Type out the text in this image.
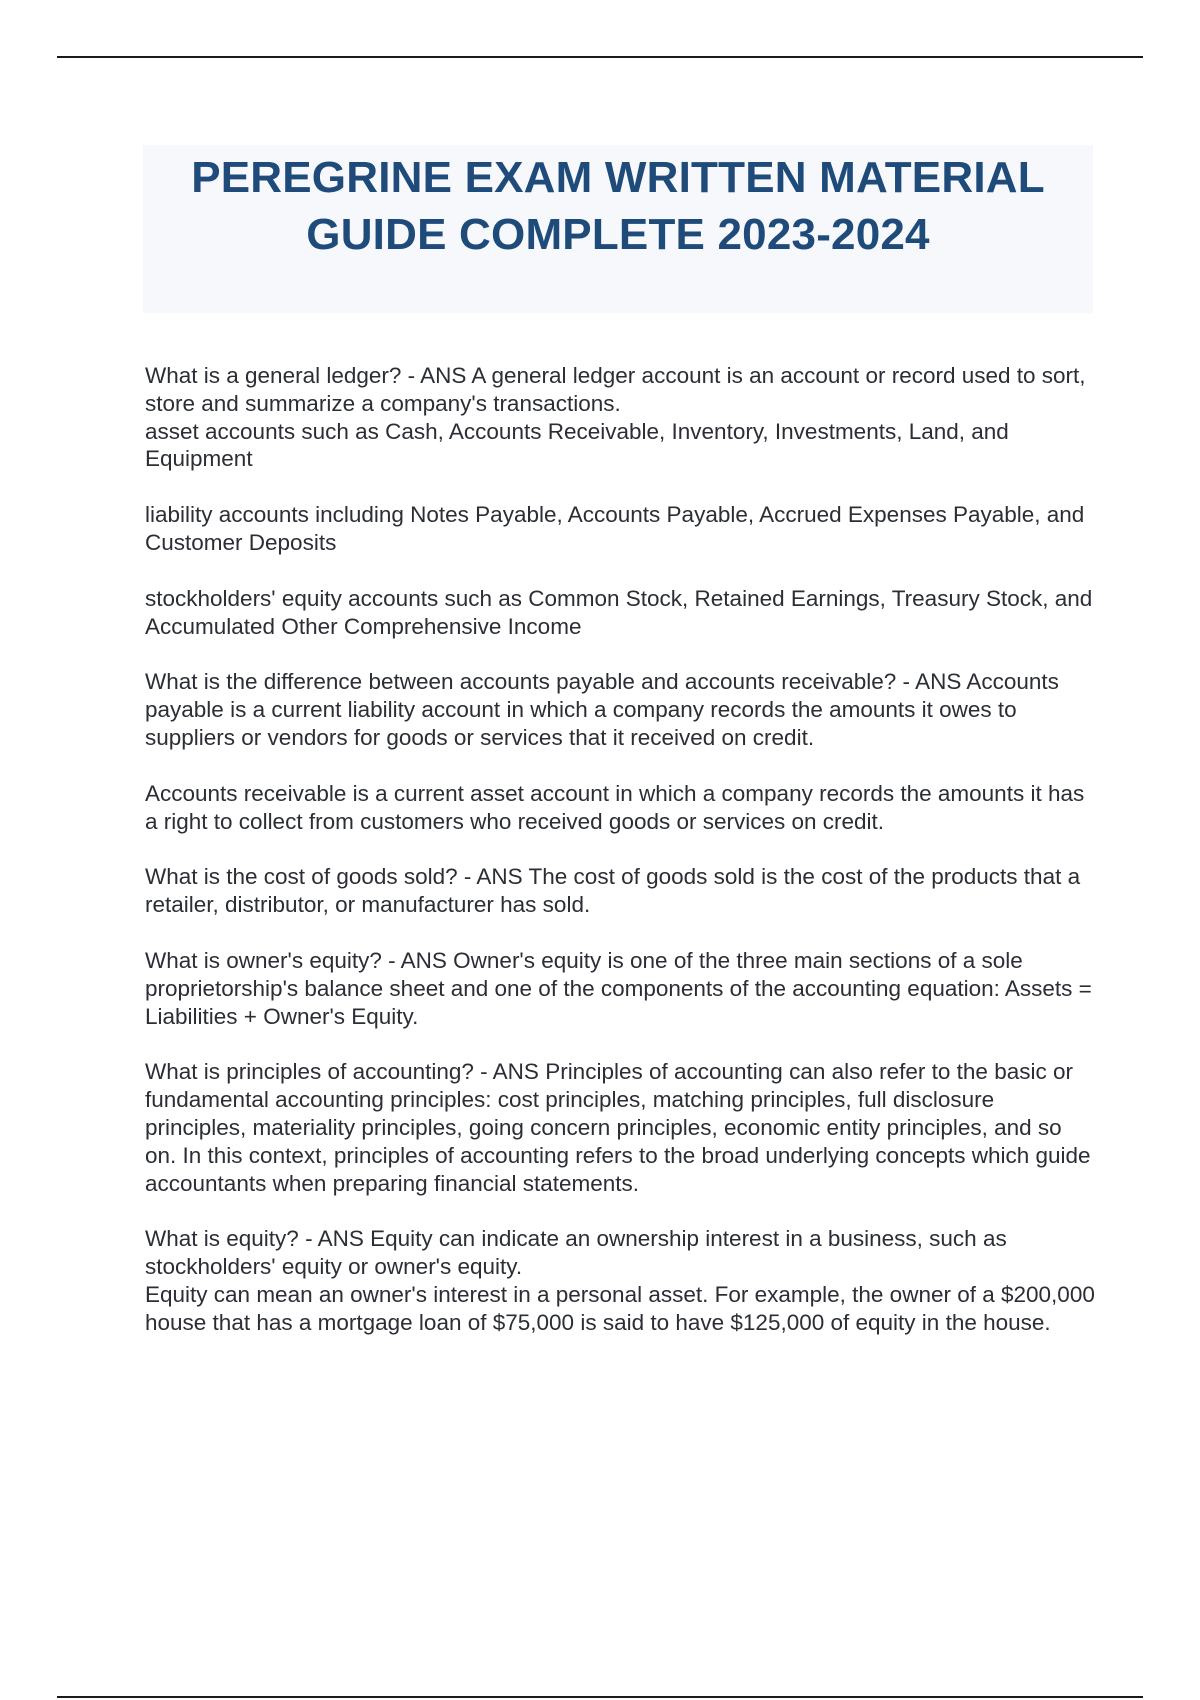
PEREGRINE EXAM WRITTEN MATERIAL
GUIDE COMPLETE 2023-2024

What is a general ledger? - ANS A general ledger account is an account or record used to sort, store and summarize a company's transactions.

asset accounts such as Cash, Accounts Receivable, Inventory, Investments, Land, and Equipment

liability accounts including Notes Payable, Accounts Payable, Accrued Expenses Payable, and Customer Deposits

stockholders' equity accounts such as Common Stock, Retained Earnings, Treasury Stock, and Accumulated Other Comprehensive Income

What is the difference between accounts payable and accounts receivable? - ANS Accounts payable is a current liability account in which a company records the amounts it owes to suppliers or vendors for goods or services that it received on credit.

Accounts receivable is a current asset account in which a company records the amounts it has a right to collect from customers who received goods or services on credit.

What is the cost of goods sold? - ANS The cost of goods sold is the cost of the products that a retailer, distributor, or manufacturer has sold.

What is owner's equity? - ANS Owner's equity is one of the three main sections of a sole proprietorship's balance sheet and one of the components of the accounting equation: Assets = Liabilities + Owner's Equity.

What is principles of accounting? - ANS Principles of accounting can also refer to the basic or fundamental accounting principles: cost principles, matching principles, full disclosure principles, materiality principles, going concern principles, economic entity principles, and so on. In this context, principles of accounting refers to the broad underlying concepts which guide accountants when preparing financial statements.

What is equity? - ANS Equity can indicate an ownership interest in a business, such as stockholders' equity or owner's equity.

Equity can mean an owner's interest in a personal asset. For example, the owner of a $200,000 house that has a mortgage loan of $75,000 is said to have $125,000 of equity in the house.
